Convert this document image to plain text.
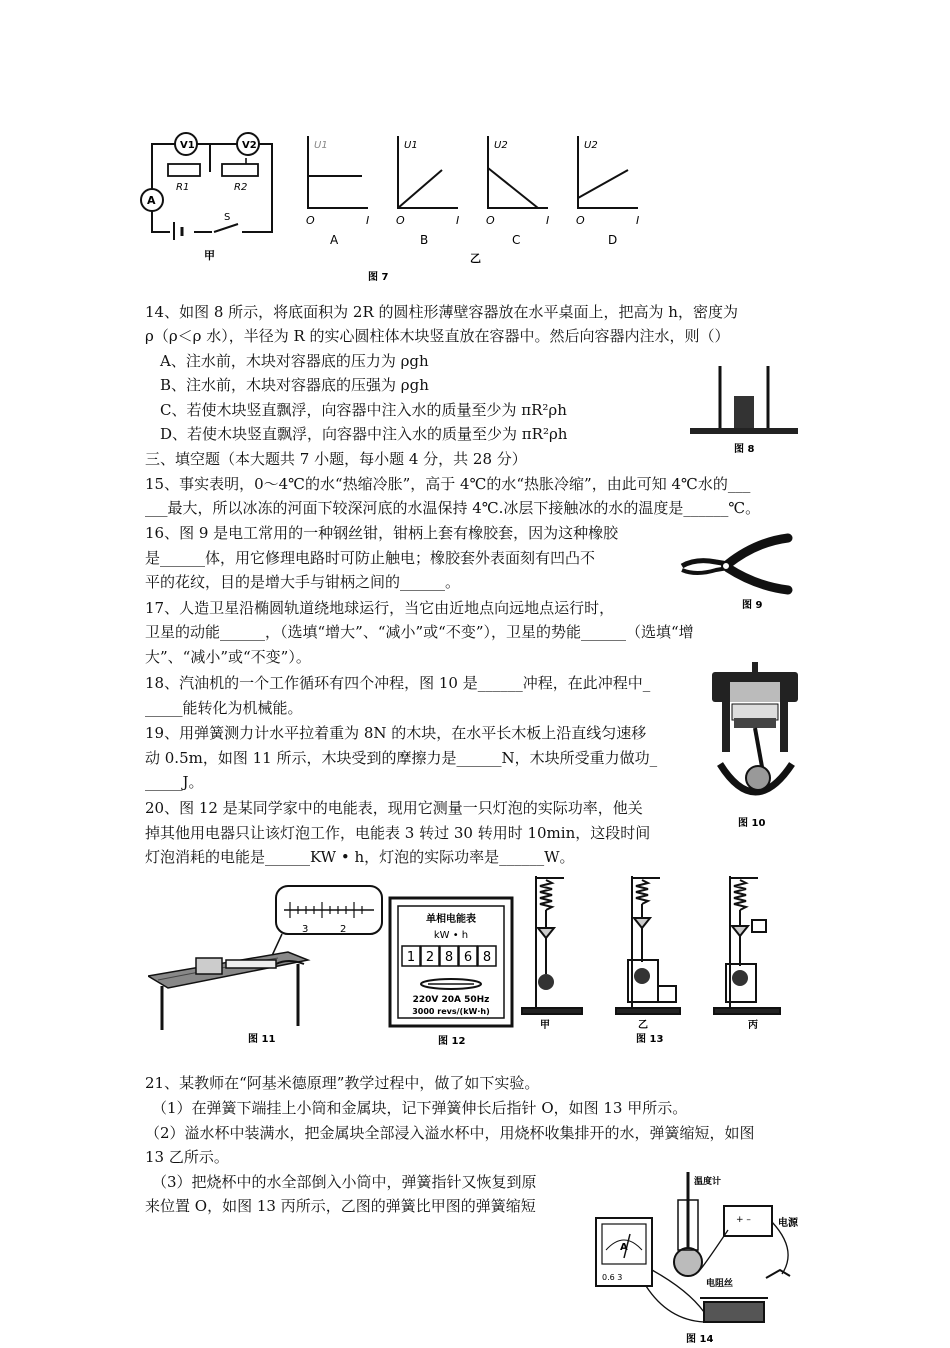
V1	V2
A
R1	R2
S
甲
U1	U1	U2	U2
O	O	O	O
I	I	I	I
A	B	C	D
乙
图 7
14、如图 8 所示，将底面积为 2R 的圆柱形薄壁容器放在水平桌面上，把高为 h，密度为
ρ（ρ＜ρ 水），半径为 R 的实心圆柱体木块竖直放在容器中。然后向容器内注水，则（）
A、注水前，木块对容器底的压力为 ρgh
B、注水前，木块对容器底的压强为 ρgh
C、若使木块竖直飘浮，向容器中注入水的质量至少为 πR²ρh
D、若使木块竖直飘浮，向容器中注入水的质量至少为 πR²ρh
图 8
三、填空题（本大题共 7 小题，每小题 4 分，共 28 分）
15、事实表明，0～4℃的水“热缩冷胀”，高于 4℃的水“热胀冷缩”，由此可知 4℃水的___
___最大，所以冰冻的河面下较深河底的水温保持 4℃.冰层下接触冰的水的温度是______℃。
16、图 9 是电工常用的一种钢丝钳，钳柄上套有橡胶套，因为这种橡胶
是______体，用它修理电路时可防止触电；橡胶套外表面刻有凹凸不
平的花纹，目的是增大手与钳柄之间的______。
图 9
17、人造卫星沿椭圆轨道绕地球运行，当它由近地点向远地点运行时，
卫星的动能______，（选填“增大”、“减小”或“不变”），卫星的势能______（选填“增
大”、“减小”或“不变”）。
18、汽油机的一个工作循环有四个冲程，图 10 是______冲程，在此冲程中_
_____能转化为机械能。
图 10
19、用弹簧测力计水平拉着重为 8N 的木块，在水平长木板上沿直线匀速移
动 0.5m，如图 11 所示，木块受到的摩擦力是______N，木块所受重力做功_
_____J。
20、图 12 是某同学家中的电能表，现用它测量一只灯泡的实际功率，他关
掉其他用电器只让该灯泡工作，电能表 3 转过 30 转用时 10min，这段时间
灯泡消耗的电能是______KW • h，灯泡的实际功率是______W。
3	2
图 11
单相电能表
kW • h
1 2 8 6 8
220V 20A 50Hz
3000 revs/(kW·h)
图 12
甲	乙	丙
图 13
21、某教师在“阿基米德原理”教学过程中，做了如下实验。
（1）在弹簧下端挂上小筒和金属块，记下弹簧伸长后指针 O，如图 13 甲所示。
（2）溢水杯中装满水，把金属块全部浸入溢水杯中，用烧杯收集排开的水，弹簧缩短，如图
13 乙所示。
（3）把烧杯中的水全部倒入小筒中，弹簧指针又恢复到原
来位置 O，如图 13 丙所示，乙图的弹簧比甲图的弹簧缩短
温度计
A
0.6 3
+ –	电源
电阻丝
图 14
